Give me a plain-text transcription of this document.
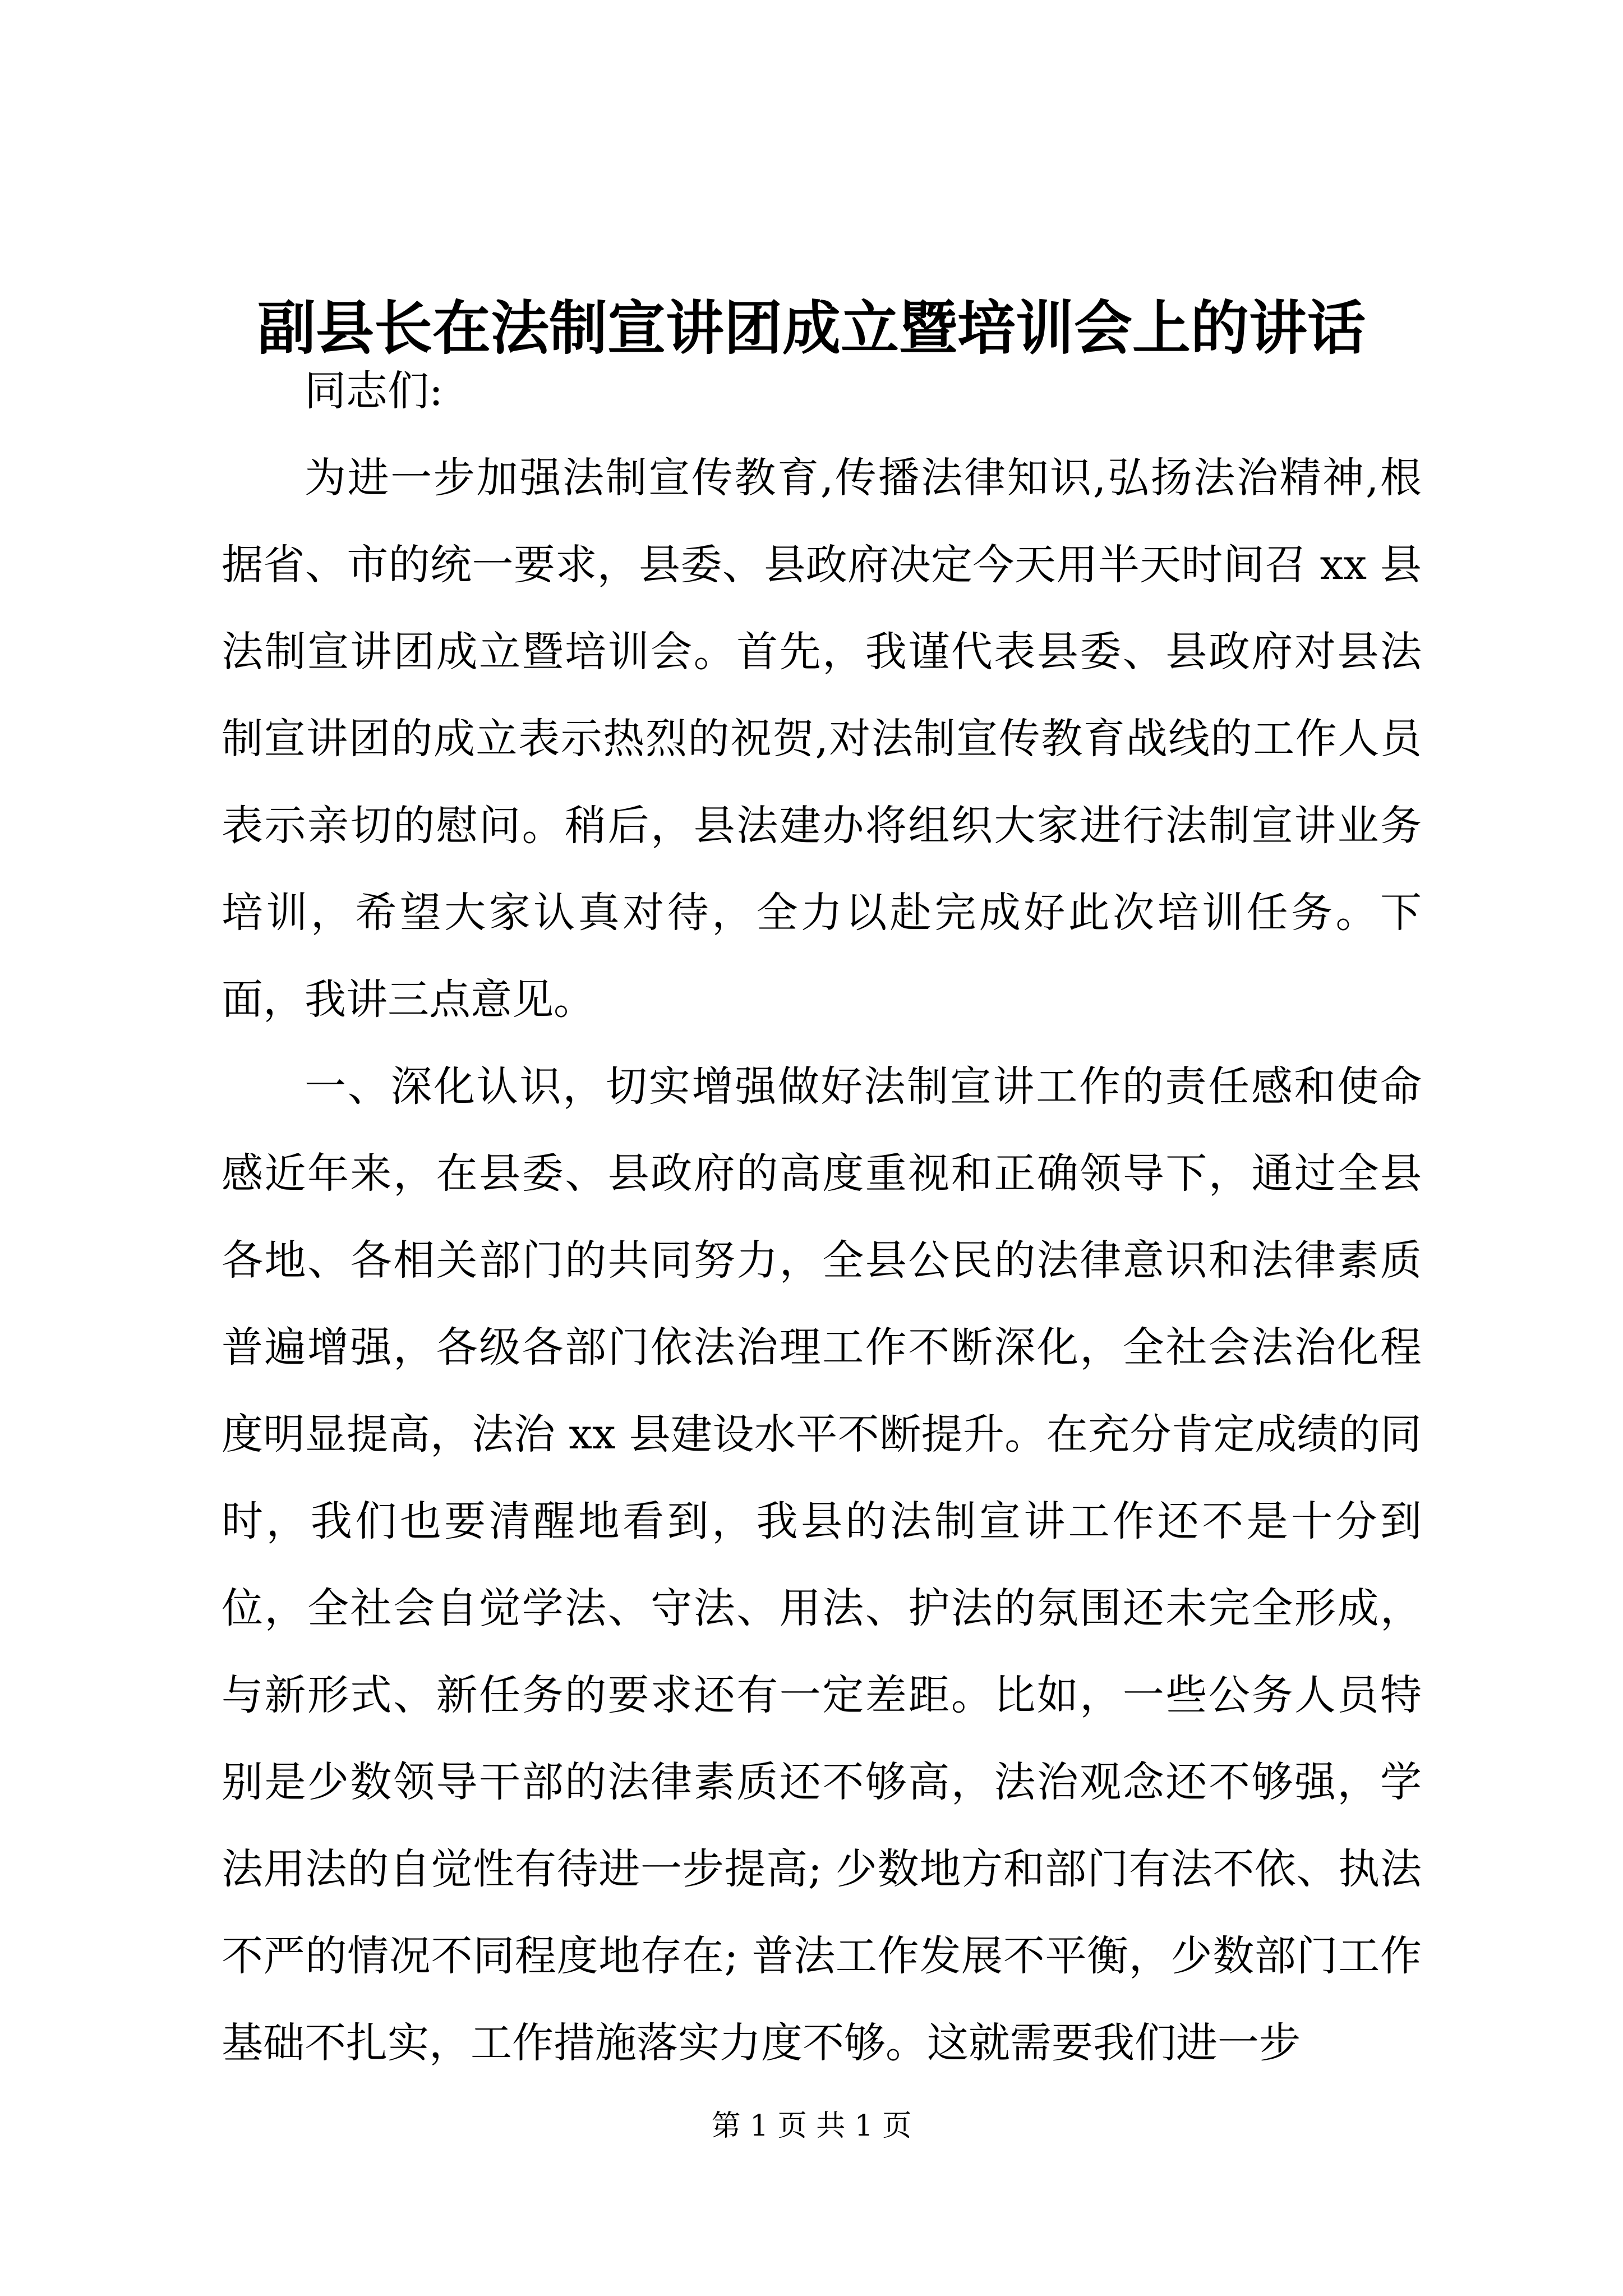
副县长在法制宣讲团成立暨培训会上的讲话

同志们:

为进一步加强法制宣传教育,传播法律知识,弘扬法治精神,根据省、市的统一要求，县委、县政府决定今天用半天时间召 xx 县法制宣讲团成立暨培训会。首先，我谨代表县委、县政府对县法制宣讲团的成立表示热烈的祝贺,对法制宣传教育战线的工作人员表示亲切的慰问。稍后，县法建办将组织大家进行法制宣讲业务培训，希望大家认真对待，全力以赴完成好此次培训任务。下面，我讲三点意见。

一、深化认识，切实增强做好法制宣讲工作的责任感和使命感近年来，在县委、县政府的高度重视和正确领导下，通过全县各地、各相关部门的共同努力，全县公民的法律意识和法律素质普遍增强，各级各部门依法治理工作不断深化，全社会法治化程度明显提高，法治 xx 县建设水平不断提升。在充分肯定成绩的同时，我们也要清醒地看到，我县的法制宣讲工作还不是十分到位，全社会自觉学法、守法、用法、护法的氛围还未完全形成，与新形式、新任务的要求还有一定差距。比如，一些公务人员特别是少数领导干部的法律素质还不够高，法治观念还不够强，学法用法的自觉性有待进一步提高; 少数地方和部门有法不依、执法不严的情况不同程度地存在; 普法工作发展不平衡，少数部门工作基础不扎实，工作措施落实力度不够。这就需要我们进一步

第 1 页 共 1 页
